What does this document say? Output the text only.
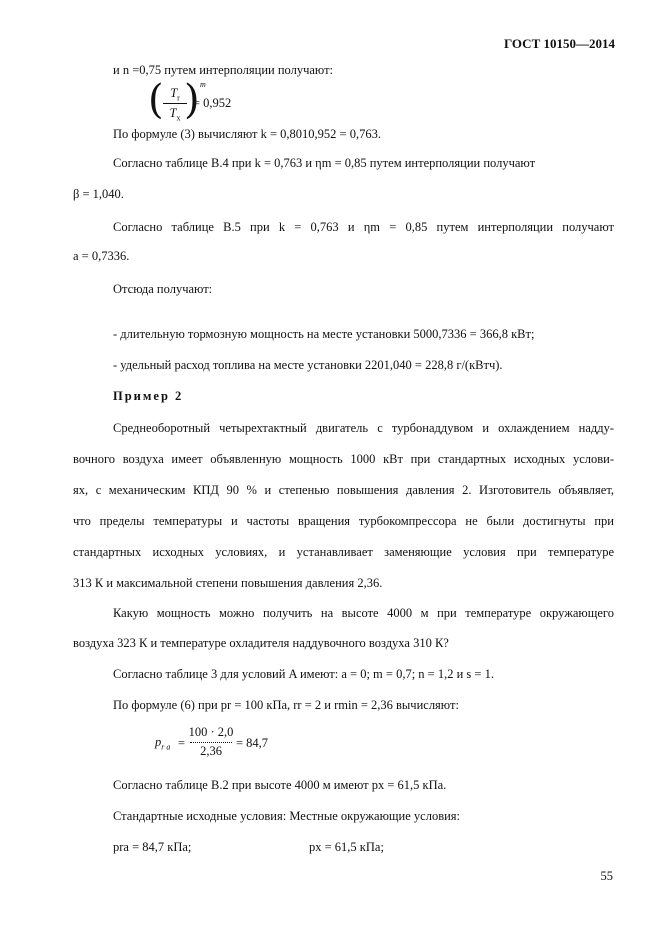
ГОСТ 10150—2014
и n =0,75 путем интерполяции получают:
( $T_r$
$T_x$ ) m
= 0,952
По формуле (3) вычисляют k = 0,8010,952 = 0,763.
Согласно таблице В.4 при k = 0,763 и ηm = 0,85 путем интерполяции получают
β = 1,040.
Согласно таблице В.5 при k = 0,763 и ηm = 0,85 путем интерполяции получают
a = 0,7336.
Отсюда получают:
- длительную тормозную мощность на месте установки 5000,7336 = 366,8 кВт;
- удельный расход топлива на месте установки 2201,040 = 228,8 г/(кВтч).
Пример 2
Среднеоборотный четырехтактный двигатель с турбонаддувом и охлаждением надду-
вочного воздуха имеет объявленную мощность 1000 кВт при стандартных исходных услови-
ях, с механическим КПД 90 % и степенью повышения давления 2. Изготовитель объявляет,
что пределы температуры и частоты вращения турбокомпрессора не были достигнуты при
стандартных исходных условиях, и устанавливает заменяющие условия при температуре
313 К и максимальной степени повышения давления 2,36.
Какую мощность можно получить на высоте 4000 м при температуре окружающего
воздуха 323 К и температуре охладителя наддувочного воздуха 310 К?
Согласно таблице 3 для условий A имеют: a = 0; m = 0,7; n = 1,2 и s = 1.
По формуле (6) при pr = 100 кПа, rr = 2 и rmin = 2,36 вычисляют:
$p_{r a}$ =
100 · 2,0
2,36
= 84,7
Согласно таблице В.2 при высоте 4000 м имеют px = 61,5 кПа.
Стандартные исходные условия: Местные окружающие условия:
pra = 84,7 кПа;	px = 61,5 кПа;
55
